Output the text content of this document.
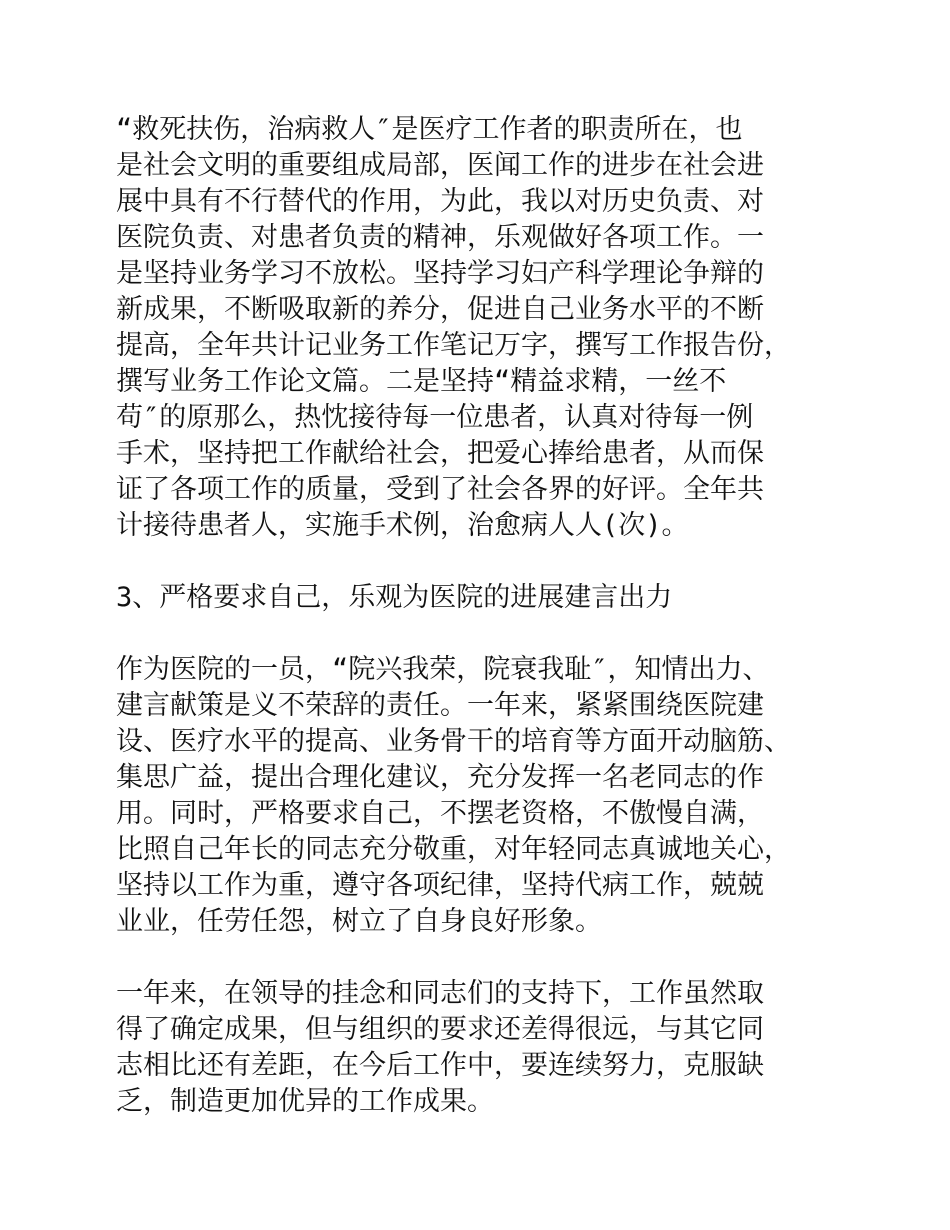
“救死扶伤，治病救人″是医疗工作者的职责所在，也
是社会文明的重要组成局部，医闻工作的进步在社会进
展中具有不行替代的作用，为此，我以对历史负责、对
医院负责、对患者负责的精神，乐观做好各项工作。一
是坚持业务学习不放松。坚持学习妇产科学理论争辩的
新成果，不断吸取新的养分，促进自己业务水平的不断
提高，全年共计记业务工作笔记万字，撰写工作报告份，
撰写业务工作论文篇。二是坚持“精益求精，一丝不
苟″的原那么，热忱接待每一位患者，认真对待每一例
手术，坚持把工作献给社会，把爱心捧给患者，从而保
证了各项工作的质量，受到了社会各界的好评。全年共
计接待患者人，实施手术例，治愈病人人(次)。
3、严格要求自己，乐观为医院的进展建言出力
作为医院的一员，“院兴我荣，院衰我耻″，知情出力、
建言献策是义不荣辞的责任。一年来，紧紧围绕医院建
设、医疗水平的提高、业务骨干的培育等方面开动脑筋、
集思广益，提出合理化建议，充分发挥一名老同志的作
用。同时，严格要求自己，不摆老资格，不傲慢自满，
比照自己年长的同志充分敬重，对年轻同志真诚地关心，
坚持以工作为重，遵守各项纪律，坚持代病工作，兢兢
业业，任劳任怨，树立了自身良好形象。
一年来，在领导的挂念和同志们的支持下，工作虽然取
得了确定成果，但与组织的要求还差得很远，与其它同
志相比还有差距，在今后工作中，要连续努力，克服缺
乏，制造更加优异的工作成果。
